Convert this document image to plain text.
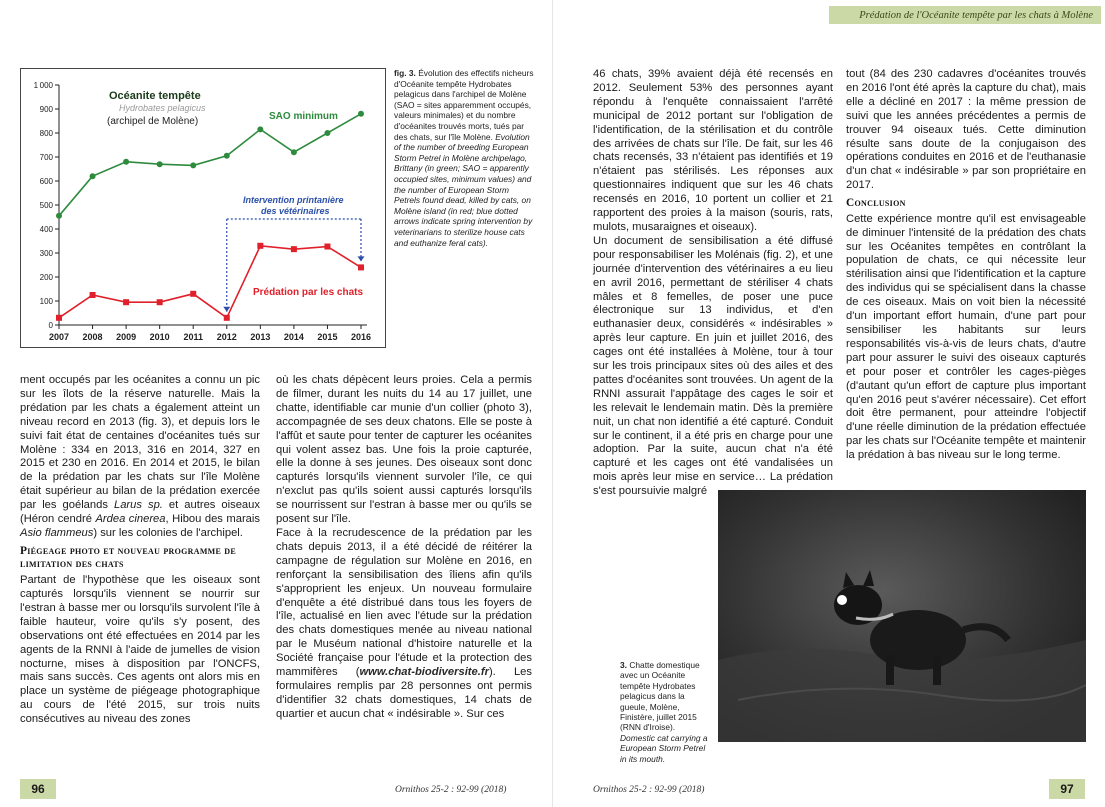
0
100
200
300
400
500
600
700
800
900
1 000
2007 2008 2009 2010 2011 2012 2013 2014 2015 2016
Océanite tempête
Hydrobates pelagicus
(archipel de Molène)	SAO minimum
Prédation par les chats
Intervention printanière
des vétérinaires
fig. 3. Évolution des effectifs nicheurs d'Océanite tempête Hydrobates pelagicus dans l'archipel de Molène (SAO = sites apparemment occupés, valeurs minimales) et du nombre d'océanites trouvés morts, tués par des chats, sur l'île Molène. Evolution of the number of breeding European Storm Petrel in Molène archipelago, Brittany (in green; SAO = apparently occupied sites, minimum values) and the number of European Storm Petrels found dead, killed by cats, on Molène island (in red; blue dotted arrows indicate spring intervention by veterinarians to sterilize house cats and euthanize feral cats).

ment occupés par les océanites a connu un pic sur les îlots de la réserve naturelle. Mais la prédation par les chats a également atteint un niveau record en 2013 (fig. 3), et depuis lors le suivi fait état de centaines d'océanites tués sur Molène : 334 en 2013, 316 en 2014, 327 en 2015 et 230 en 2016. En 2014 et 2015, le bilan de la prédation par les chats sur l'île Molène était supérieur au bilan de la prédation exercée par les goélands Larus sp. et autres oiseaux (Héron cendré Ardea cinerea, Hibou des marais Asio flammeus) sur les colonies de l'archipel.

Piégeage photo et nouveau programme de limitation des chats

Partant de l'hypothèse que les oiseaux sont capturés lorsqu'ils viennent se nourrir sur l'estran à basse mer ou lorsqu'ils survolent l'île à faible hauteur, voire qu'ils s'y posent, des observations ont été effectuées en 2014 par les agents de la RNNI à l'aide de jumelles de vision nocturne, mises à disposition par l'ONCFS, mais sans succès. Ces agents ont alors mis en place un système de piégeage photographique au cours de l'été 2015, sur trois nuits consécutives au niveau des zones

où les chats dépècent leurs proies. Cela a permis de filmer, durant les nuits du 14 au 17 juillet, une chatte, identifiable car munie d'un collier (photo 3), accompagnée de ses deux chatons. Elle se poste à l'affût et saute pour tenter de capturer les océanites qui volent assez bas. Une fois la proie capturée, elle la donne à ses jeunes. Des oiseaux sont donc capturés lorsqu'ils viennent survoler l'île, ce qui n'exclut pas qu'ils soient aussi capturés lorsqu'ils se nourrissent sur l'estran à basse mer ou qu'ils se posent sur l'île.

Face à la recrudescence de la prédation par les chats depuis 2013, il a été décidé de réitérer la campagne de régulation sur Molène en 2016, en renforçant la sensibilisation des îliens afin qu'ils s'approprient les enjeux. Un nouveau formulaire d'enquête a été distribué dans tous les foyers de l'île, actualisé en lien avec l'étude sur la prédation des chats domestiques menée au niveau national par le Muséum national d'histoire naturelle et la Société française pour l'étude et la protection des mammifères (www.chat-biodiversite.fr). Les formulaires remplis par 28 personnes ont permis d'identifier 32 chats domestiques, 14 chats de quartier et aucun chat « indésirable ». Sur ces

96	Ornithos 25-2 : 92-99 (2018)
Prédation de l'Océanite tempête par les chats à Molène

46 chats, 39% avaient déjà été recensés en 2012. Seulement 53% des personnes ayant répondu à l'enquête connaissaient l'arrêté municipal de 2012 portant sur l'obligation de l'identification, de la stérilisation et du contrôle des arrivées de chats sur l'île. De fait, sur les 46 chats recensés, 33 n'étaient pas identifiés et 19 n'étaient pas stérilisés. Les réponses aux questionnaires indiquent que sur les 46 chats recensés en 2016, 10 portent un collier et 21 rapportent des proies à la maison (souris, rats, mulots, musaraignes et oiseaux).

Un document de sensibilisation a été diffusé pour responsabiliser les Molénais (fig. 2), et une journée d'intervention des vétérinaires a eu lieu en avril 2016, permettant de stériliser 4 chats mâles et 8 femelles, de poser une puce électronique sur 13 individus, et d'en euthanasier deux, considérés « indésirables » après leur capture. En juin et juillet 2016, des cages ont été installées à Molène, tour à tour sur les trois principaux sites où des ailes et des pattes d'océanites sont trouvées. Un agent de la RNNI assurait l'appâtage des cages le soir et les relevait le lendemain matin. Dès la première nuit, un chat non identifié a été capturé. Conduit sur le continent, il a été pris en charge pour une adoption. Par la suite, aucun chat n'a été capturé et les cages ont été vandalisées un mois après leur mise en service… La prédation s'est poursuivie malgré

tout (84 des 230 cadavres d'océanites trouvés en 2016 l'ont été après la capture du chat), mais elle a décliné en 2017 : la même pression de suivi que les années précédentes a permis de trouver 94 oiseaux tués. Cette diminution résulte sans doute de la conjugaison des opérations conduites en 2016 et de l'euthanasie d'un chat « indésirable » par son propriétaire en 2017.

Conclusion

Cette expérience montre qu'il est envisageable de diminuer l'intensité de la prédation des chats sur les Océanites tempêtes en contrôlant la population de chats, ce qui nécessite leur stérilisation ainsi que l'identification et la capture des individus qui se spécialisent dans la chasse de ces oiseaux. Mais on voit bien la nécessité d'un important effort humain, d'une part pour sensibiliser les habitants sur leurs responsabilités vis-à-vis de leurs chats, d'autre part pour assurer le suivi des oiseaux capturés et pour poser et contrôler les cages-pièges (d'autant qu'un effort de capture plus important qu'en 2016 peut s'avérer nécessaire). Cet effort doit être permanent, pour atteindre l'objectif d'une réelle diminution de la prédation effectuée par les chats sur l'Océanite tempête et maintenir la prédation à bas niveau sur le long terme.

Ornithos 25-2 : 92-99 (2018)	97
3. Chatte domestique avec un Océanite tempête Hydrobates pelagicus dans la gueule, Molène, Finistère, juillet 2015 (RNN d'Iroise). Domestic cat carrying a European Storm Petrel in its mouth.
